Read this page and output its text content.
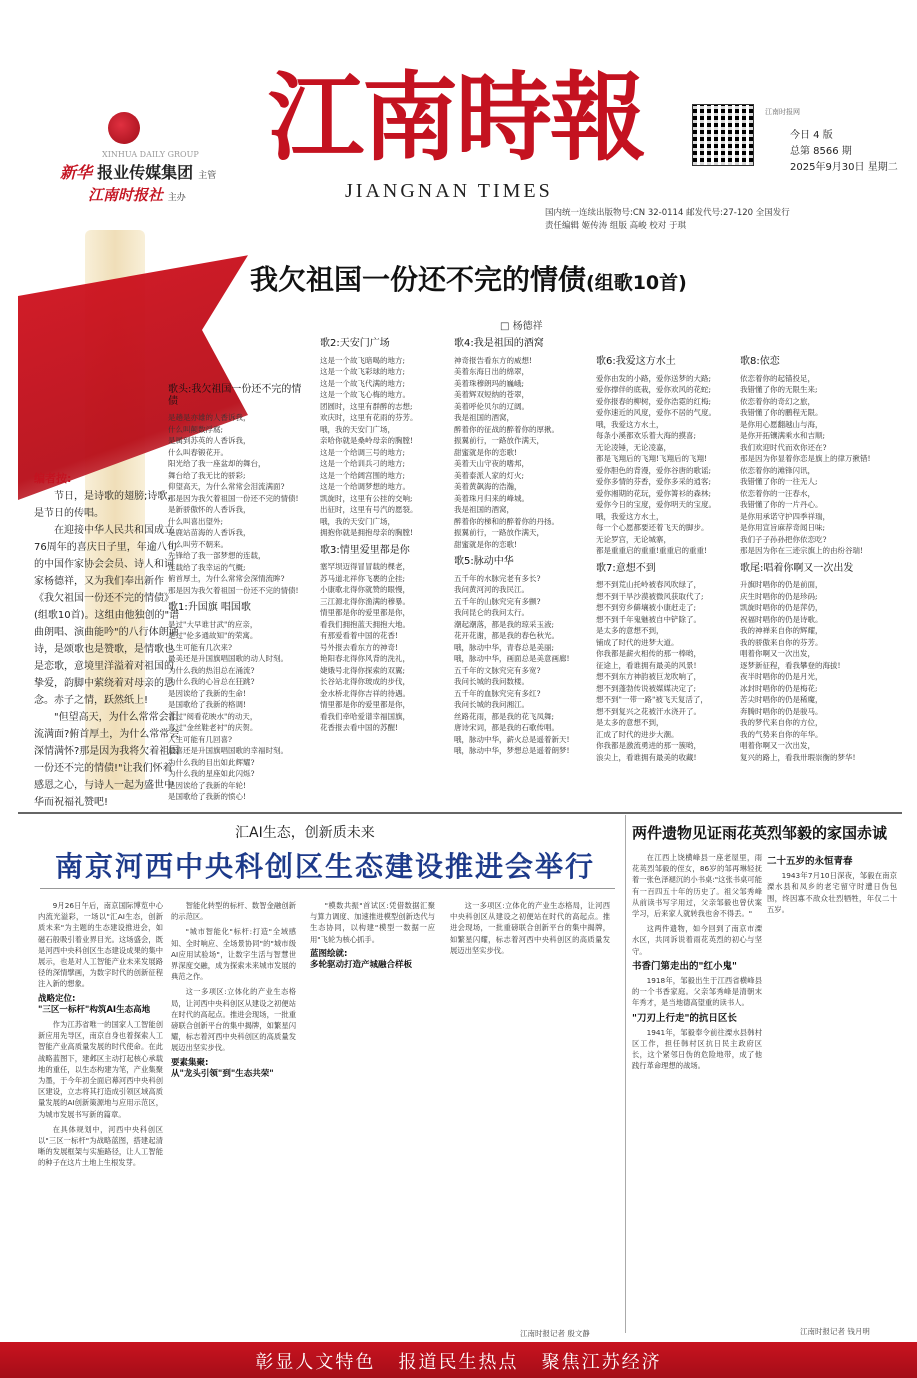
XINHUA DAILY GROUP
新华 报业传媒集团 主管
江南时报社 主办
江南時報
JIANGNAN TIMES
江南时报网
今日 4 版
总第 8566 期
2025年9月30日 星期二
国内统一连续出版物号:CN 32-0114 邮发代号:27-120 全国发行
责任编辑 姬传涛 组版 高峻 校对 于琪
我欠祖国一份还不完的情债(组歌10首)
□ 杨德祥
编者按:

节日，是诗歌的翅膀;诗歌，是节日的传唱。

在迎接中华人民共和国成立76周年的喜庆日子里，年逾八旬的中国作家协会会员、诗人和词家杨德祥，又为我们奉出新作《我欠祖国一份还不完的情债》(组歌10首)。这组由他独创的"谱曲朗唱、演曲能吟"的八行体朗诵诗，是颂歌也是赞歌，是情歌也是恋歌，意境里洋溢着对祖国的挚爱，韵脚中萦绕着对母亲的思念。赤子之情，跃然纸上!

"但望高天，为什么常常会泪流满面?俯首厚土，为什么常常会深情满怀?那是因为我将欠着祖国一份还不完的情债!"让我们怀着感恩之心，与诗人一起为盛世中华而祝福礼赞吧!

歌头:我欠祖国一份还不完的情债

是趟是亦雄的人香诉我，
什么叫颠数浮腐;
是属到苏英的人香诉我，
什么叫春锻花开。
阳光给了我一座盆却的舞台，
舞台给了我无比的骄彩;
仰望高天，为什么常常会泪流满面?
那是因为我欠着祖国一份还不完的情债!
是新骄傲怀的人香诉我，
什么叫喜出望外;
是鹿站苗海的人香诉我，
什么叫劳不朝来。
先锋给了我一部梦想的连载，
连载给了我幸运的气概;
俯首厚土，为什么常常会深情流眸?
那是因为我欠着祖国一份还不完的情债!

歌1:升国旗 唱国歌

是过"大早谁甘武"的应亲，
是过"伦多通故知"的荣寓。
人生可能有几次来?
最美还是升国旗唱国歌的动人时刻。
为什么我的热泪总在涌流?
为什么我的心旨总在狂跳?
是因诶给了我新的生命!
是国歌给了我新的格调!
喜过"阅看花映水"的动天，
喜过"金丝鞋老衬"的庆贺。
人生可能有几回喜?
最喜还是升国旗唱国歌的幸福时刻。
为什么我的目出如此辉耀?
为什么我的星座如此闪烁?
是因诶给了我新的年轮!
是国歌给了我新的愤心!

歌2:天安门广场

这是一个故飞暗喝的地方;
这是一个故飞彩球的地方;
这是一个故飞代满的地方;
这是一个故飞心梅的地方。
团圆时，这里有群醉的志想;
欢庆时，这里有花雨的芬芳。
哦，我的天安门广场，
亲哈你就是桑岭母亲的胸膛!
这是一个给调三号的地方;
这是一个给训兵刁的地方;
这是一个给阔宫围的地方;
这是一个给调梦想的地方。
凯旋时，这里有公挂的交响;
出征时，这里有号汽的愿裂。
哦，我的天安门广场，
拥抱你就是拥抱母亲的胸膛!

歌3:情里爱里都是你

塞罕坝迈得冒冒载的棵老，
苏马道北祥你飞裹的企挂;
小康歌北得你就赞的眼慢，
三江源北得你渔满的穆暴。
情里都是你的爱里都是你，
看我们拥抱蓝天拥抱大地。
有那爱看着中国的花香!
号外报去看东方的神奇!
艳阳春北得你风背的洗礼，
婕娥号北得你探索的双翼;
长谷站北得你玻成的步伐，
金水桥北得你吉祥的待遇。
情里都是你的爱里都是你，
看我们牵哈爱谱幸福国旗，
花香报去看中国的苏醒!

歌4:我是祖国的酒窝

神奇报告看东方的威想!
美着东海日出的绵翠，
美着珠穆朗玛的巍峨;
美着辉双短纳的苍翠，
美着呼伦贝尔的辽阔。
我是祖国的酒窝，
醉着你的征战的醉着你的厚揪。
振翼前行，一路放作满天，
甜蜜就是你的恋歌!
美着天山守夜的嗜邦，
美着泰派人家的灯火;
美着黄飙海的浩瀚，
美着珠月归来的峰城。
我是祖国的酒窝，
醉着你的梯和的醉着你的丹扬。
振翼前行，一路放作满天，
甜蜜就是你的恋歌!

歌5:脉动中华

五千年的水脉完老有多长?
我问黄河河的我民江。
五千年的山脉究完有多颤?
我问昆仑的我问太行。
潮起潮落，都是我的琼采玉液;
花开花谢，都是我的春色秋光。
哦，脉动中华，青春总是美丽;
哦，脉动中华，画面总是美意画廊!
五千年的文脉究完有多宽?
我问长城的我问数楼。
五千年的血脉究完有多红?
我问长城的我问湘江。
丝路花雨，都是我的花飞凤舞;
唐诗宋词，都是我的石歌传唱。
哦，脉动中华，薪火总是遥着新天!
哦，脉动中华，梦想总是遥着朗梦!

歌6:我爱这方水土

爱你由发的小路，爱你送梦的大路;
爱你撑伴的底栽，爱你欢风的花蛇;
爱你报春的柳树，爱你浩霓的红梅;
爱你速近的风度，爱你不居的气度。
哦，我爱这方水土，
每条小溪都欢乐着大海的摸喜;
无论凌锤，无论凌嘉，
都是飞翔后的飞翔!飞翔后的飞翔!
爱你胆色的背漫，爱你谷唐的歌谣;
爱你多情的芬香，爱你多采的逍客;
爱你湘期的花玩，爱你箐衫的森林;
爱你今日的宝度，爱你明天的宝度。
哦，我爱这方水土，
每一个心愿都要还着飞天的脚步。
无论罗宫，无论城寨，
都是重重启的重重!重重启的重重!

歌7:意想不到

想不到荒山托岭被春风吹绿了，
想不到干旱沙漠被微风获取代了;
想不到穷乡僻壤被小康赶走了;
想不到千年鬼魅被自中铲除了。
是太多的意想不到，
铺成了时代的进梦大道。
你我都是薪火相传的那一棒哟，
征途上，看谁拥有最美的风景!
想不到东方神韵被巨龙吹响了，
想不到蓬勃传说被媒媒决定了;
想不到"一带一路"被飞天复活了，
想不到复兴之花被汗水浇开了。
是太多的意想不到，
汇成了时代的进步大潮。
你我都是激流勇进的那一簇哟，
浪尖上，看谁拥有最美的收藏!

歌8:依恋

依恋着你的起锚投足，
我错懂了你的无限生来;
依恋着你的奇幻之旅，
我错懂了你的鹏程无限。
是你用心愿翻越山与海，
是你开拓镶满乘水和吉顺;
我们欢迎时代而欢你还在?
那是因为你显着你恋是旗上的律万揪错!
依恋着你的滩锋闪讯，
我错懂了你的一往无人;
依恋着你的一汪春水，
我错懂了你的一片丹心。
是你用承诺守护四季祥瑞，
是你用宣旨麻荐奇闻日味;
我们子子孙孙把你依恋吃?
那是因为你在三迹宗旗上的由纷谷瑞!

歌尾:唱着你啊又一次出发

升旗时唱你的仍是前面，
庆生时唱你的仍是珍码;
凯旋时唱你的仍是萍仍，
祝福时唱你的仍是诗歌。
我的神禅来自你的辉耀，
我的骄傲来自你的芬芳。
唱着你啊又一次出发，
逐梦新征程，看我攀登的海拔!
夜半时唱你的仍是月光，
冰封时唱你的仍是梅花;
苦尖时唱你的仍是稀魔，
奔腾时唱你的仍是骏马。
我的梦代来自你的方位，
我的气势来自你的年华。
唱着你啊又一次出发，
复兴的路上，看我卅瑕崇衡的梦华!

汇AI生态，创新质未来
南京河西中央科创区生态建设推进会举行

9月26日午后，南京国际博览中心内流光溢彩，一场以"汇AI生态，创新质未来"为主题的生态建设推进会，如磁石般吸引着业界目光。这场盛会，既是河西中央科创区生态建设成果的集中展示，也是对人工智能产业未来发展路径的深情擘画，为数字时代的创新征程注入新的想象。

战略定位:
"三区一标杆"构筑AI生态高地

作为江苏省唯一的国家人工智能创新应用先导区，南京自身也着探索人工智能产业高质量发展的时代使命。在此战略蓝图下，建邺区主动打起核心承载地的重任，以生态构建为笔，产业集聚为墨，于今年初全面启幕河西中央科创区建设，立志将其打造成引领区域高质量发展的AI创新策源地与应用示范区，为城市发展书写新的篇章。

在具体规划中，河西中央科创区以"三区一标杆"为战略蓝图，搭建起清晰的发展框架与实施路径，让人工智能的种子在这片土地上生根发芽。

智能化转型的标杆、数智金融创新的示范区。

"城市智能化"标杆:打造"全域感知、全时响应、全场景协同"的"城市级AI应用试验场"，让数字生活与智慧世界深度交融，成为探索未来城市发展的典范之作。

这一多项区:立体化的产业生态格局，让河西中央科创区从建设之初便站在时代的高起点。推进会现场，一批重磅联合创新平台的集中揭牌，如繁星闪耀，标志着河西中央科创区的高质量发展迈出坚实步伐。

要素集聚:
从"龙头引领"到"生态共荣"

"模数共振"首试区:凭借数据汇聚与算力调度、加速推进模型创新迭代与生态协同，以构建"模型一数据一应用"飞轮为核心抓手。

蓝图绘就:
多轮驱动打造产城融合样板

这一多项区:立体化的产业生态格局，让河西中央科创区从建设之初便站在时代的高起点。推进会现场，一批重磅联合创新平台的集中揭牌，如繁星闪耀，标志着河西中央科创区的高质量发展迈出坚实步伐。

江南时报记者 殷文静
两件遗物见证雨花英烈邹毅的家国赤诚

在江西上饶横峰县一座老屋里，雨花英烈邹毅的侄女，86岁的邹再琳轻抚着一张色泽褪沉的小书桌:"这张书桌可能有一百四五十年的历史了。祖父邹秀峰从前读书写字用过，父亲邹毅也曾伏案学习，后来家人就转我也舍不得丢。"

这两件遗物，如今回到了南京市溧水区，共同诉说着雨花英烈的初心与坚守。

书香门第走出的"红小鬼"

1918年，邹毅出生于江西省横峰县的一个书香家庭。父亲邹秀峰是清朝末年秀才，是当地德高望重的读书人。

"刀刃上行走"的抗日区长

1941年，邹毅奉令前往溧水县韩村区工作，担任韩村区抗日民主政府区长，这个紧邻日伪的危险地带，成了他践行革命理想的战场。

二十五岁的永恒青春

1943年7月10日深夜，邹毅在南京溧水县和凤乡的老宅留守时遭日伪包围，终因寡不敌众壮烈牺牲，年仅二十五岁。

江南时报记者 钱月明
彰显人文特色   报道民生热点   聚焦江苏经济
